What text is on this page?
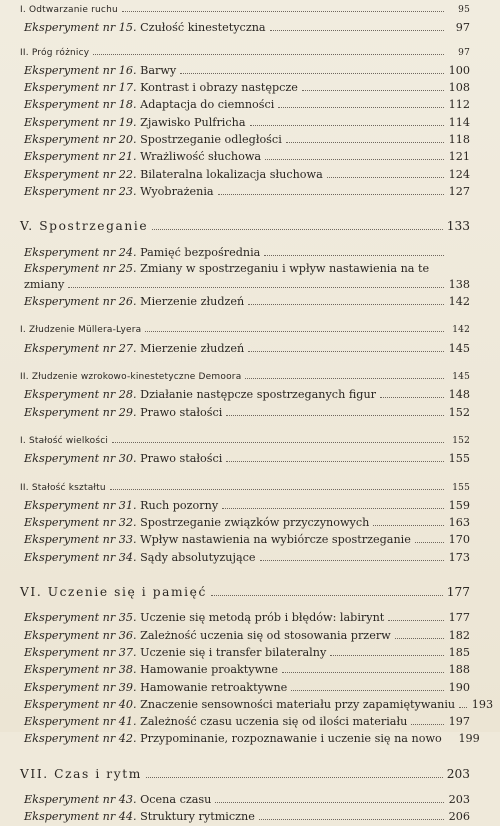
I. Odtwarzanie ruchu	95
Eksperyment nr 15. Czułość kinestetyczna	97
II. Próg różnicy	97
Eksperyment nr 16. Barwy	100
Eksperyment nr 17. Kontrast i obrazy następcze	108
Eksperyment nr 18. Adaptacja do ciemności	112
Eksperyment nr 19. Zjawisko Pulfricha	114
Eksperyment nr 20. Spostrzeganie odległości	118
Eksperyment nr 21. Wrażliwość słuchowa	121
Eksperyment nr 22. Bilateralna lokalizacja słuchowa	124
Eksperyment nr 23. Wyobrażenia	127
V. Spostrzeganie	133
Eksperyment nr 24. Pamięć bezpośrednia
Eksperyment nr 25. Zmiany w spostrzeganiu i wpływ nastawienia na te
zmiany	138
Eksperyment nr 26. Mierzenie złudzeń	142
I. Złudzenie Müllera-Lyera	142
Eksperyment nr 27. Mierzenie złudzeń	145
II. Złudzenie wzrokowo-kinestetyczne Demoora	145
Eksperyment nr 28. Działanie następcze spostrzeganych figur	148
Eksperyment nr 29. Prawo stałości	152
I. Stałość wielkości	152
Eksperyment nr 30. Prawo stałości	155
II. Stałość kształtu	155
Eksperyment nr 31. Ruch pozorny	159
Eksperyment nr 32. Spostrzeganie związków przyczynowych	163
Eksperyment nr 33. Wpływ nastawienia na wybiórcze spostrzeganie	170
Eksperyment nr 34. Sądy absolutyzujące	173
VI. Uczenie się i pamięć	177
Eksperyment nr 35. Uczenie się metodą prób i błędów: labirynt	177
Eksperyment nr 36. Zależność uczenia się od stosowania przerw	182
Eksperyment nr 37. Uczenie się i transfer bilateralny	185
Eksperyment nr 38. Hamowanie proaktywne	188
Eksperyment nr 39. Hamowanie retroaktywne	190
Eksperyment nr 40. Znaczenie sensowności materiału przy zapamiętywaniu 193
Eksperyment nr 41. Zależność czasu uczenia się od ilości materiału	197
Eksperyment nr 42. Przypominanie, rozpoznawanie i uczenie się na nowo 199
VII. Czas i rytm	203
Eksperyment nr 43. Ocena czasu	203
Eksperyment nr 44. Struktury rytmiczne	206
